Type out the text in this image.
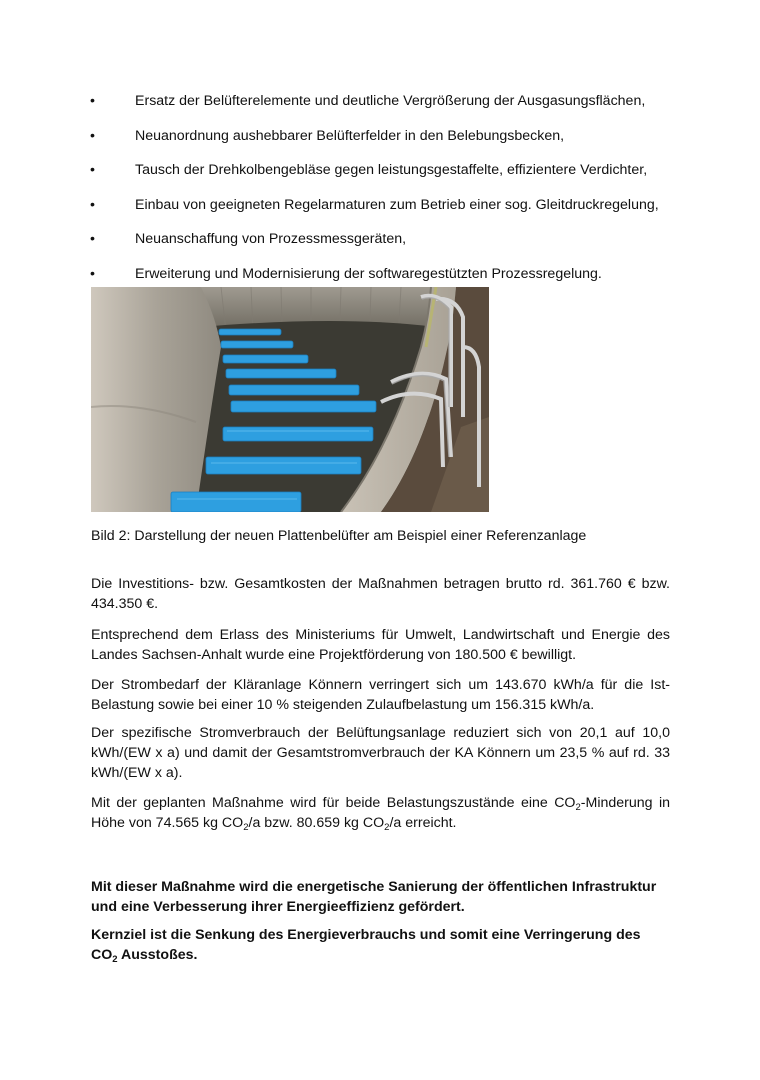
•	Ersatz der Belüfterelemente und deutliche Vergrößerung der Ausgasungsflächen,
•	Neuanordnung aushebbarer Belüfterfelder in den Belebungsbecken,
•	Tausch der Drehkolbengebläse gegen leistungsgestaffelte, effizientere Verdichter,
•	Einbau von geeigneten Regelarmaturen zum Betrieb einer sog. Gleitdruckregelung,
•	Neuanschaffung von Prozessmessgeräten,
•	Erweiterung und Modernisierung der softwaregestützten Prozessregelung.
Bild 2: Darstellung der neuen Plattenbelüfter am Beispiel einer Referenzanlage

Die Investitions- bzw. Gesamtkosten der Maßnahmen betragen brutto rd. 361.760 € bzw. 434.350 €.

Entsprechend dem Erlass des Ministeriums für Umwelt, Landwirtschaft und Energie des Landes Sachsen-Anhalt wurde eine Projektförderung von 180.500 € bewilligt.

Der Strombedarf der Kläranlage Könnern verringert sich um 143.670 kWh/a für die Ist-Belastung sowie bei einer 10 % steigenden Zulaufbelastung um 156.315 kWh/a.

Der spezifische Stromverbrauch der Belüftungsanlage reduziert sich von 20,1 auf 10,0 kWh/(EW x a) und damit der Gesamtstromverbrauch der KA Könnern um 23,5 % auf rd. 33 kWh/(EW x a).

Mit der geplanten Maßnahme wird für beide Belastungszustände eine $CO_2$-Minderung in Höhe von 74.565 kg $CO_2/a$ bzw. 80.659 kg $CO_2/a$ erreicht.

Mit dieser Maßnahme wird die energetische Sanierung der öffentlichen Infrastruktur und eine Verbesserung ihrer Energieeffizienz gefördert.

Kernziel ist die Senkung des Energieverbrauchs und somit eine Verringerung des $CO_2$ Ausstoßes.
